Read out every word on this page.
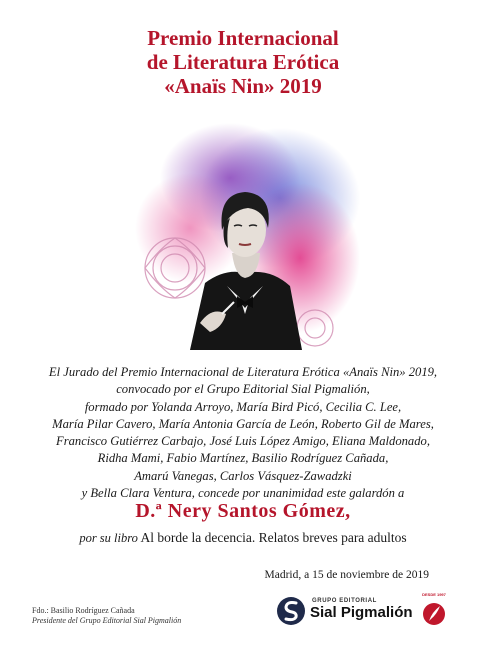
Premio Internacional
de Literatura Erótica
«Anaïs Nin» 2019
El Jurado del Premio Internacional de Literatura Erótica «Anaïs Nin» 2019,
convocado por el Grupo Editorial Sial Pigmalión,
formado por Yolanda Arroyo, María Bird Picó, Cecilia C. Lee,
María Pilar Cavero, María Antonia García de León, Roberto Gil de Mares,
Francisco Gutiérrez Carbajo, José Luis López Amigo, Eliana Maldonado,
Ridha Mami, Fabio Martínez, Basilio Rodríguez Cañada,
Amarú Vanegas, Carlos Vásquez-Zawadzki
y Bella Clara Ventura, concede por unanimidad este galardón a
D.ª Nery Santos Gómez,
por su libro Al borde la decencia. Relatos breves para adultos
Madrid, a 15 de noviembre de 2019
Fdo.: Basilio Rodríguez Cañada
Presidente del Grupo Editorial Sial Pigmalión
GRUPO EDITORIAL
Sial Pigmalión
DESDE 1997
